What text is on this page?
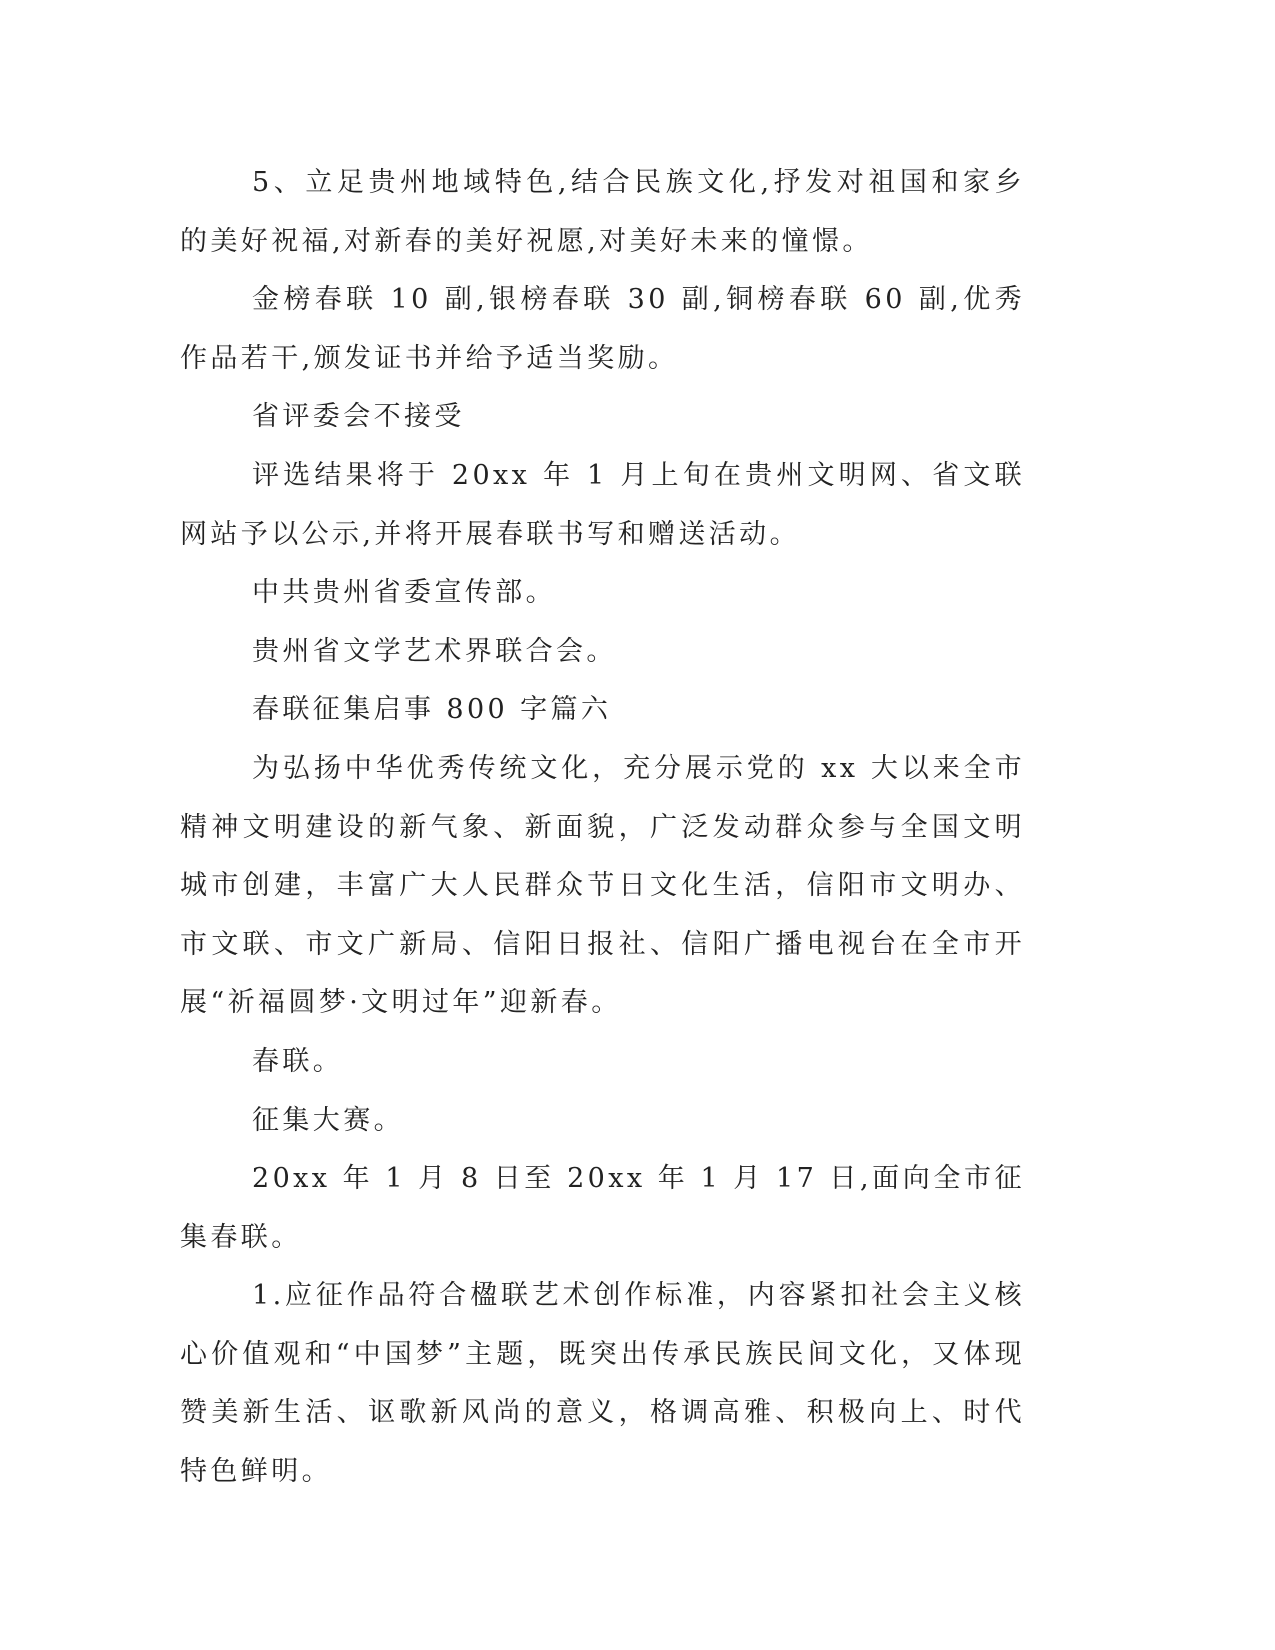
5、立足贵州地域特色,结合民族文化,抒发对祖国和家乡的美好祝福,对新春的美好祝愿,对美好未来的憧憬。

金榜春联 10 副,银榜春联 30 副,铜榜春联 60 副,优秀作品若干,颁发证书并给予适当奖励。

省评委会不接受

评选结果将于 20xx 年 1 月上旬在贵州文明网、省文联网站予以公示,并将开展春联书写和赠送活动。

中共贵州省委宣传部。

贵州省文学艺术界联合会。

春联征集启事 800 字篇六

为弘扬中华优秀传统文化，充分展示党的 xx 大以来全市精神文明建设的新气象、新面貌，广泛发动群众参与全国文明城市创建，丰富广大人民群众节日文化生活，信阳市文明办、市文联、市文广新局、信阳日报社、信阳广播电视台在全市开展“祈福圆梦·文明过年”迎新春。

春联。

征集大赛。

20xx 年 1 月 8 日至 20xx 年 1 月 17 日,面向全市征集春联。

1.应征作品符合楹联艺术创作标准，内容紧扣社会主义核心价值观和“中国梦”主题，既突出传承民族民间文化，又体现赞美新生活、讴歌新风尚的意义，格调高雅、积极向上、时代特色鲜明。
